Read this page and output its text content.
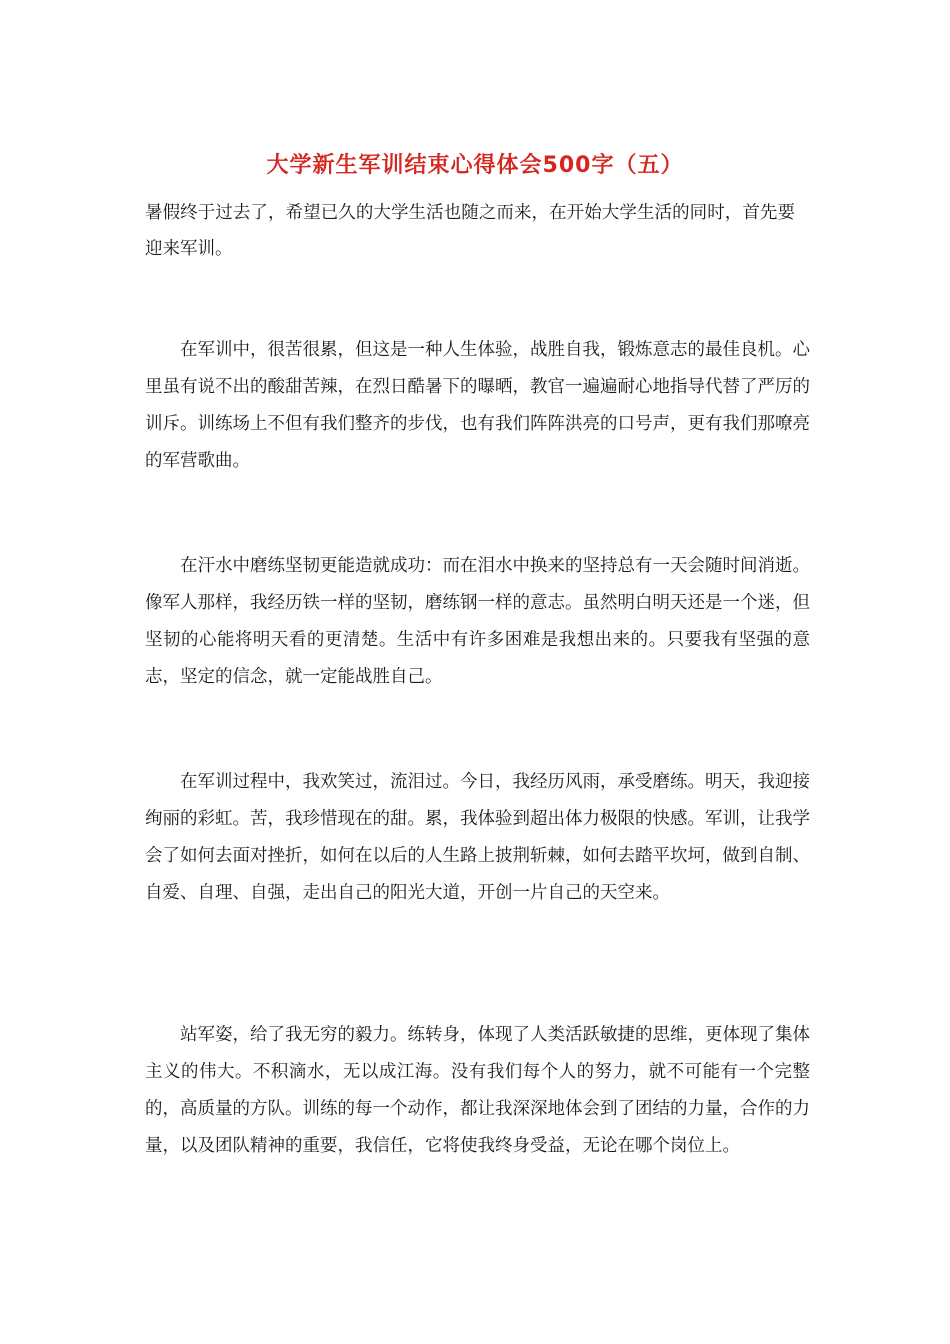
大学新生军训结束心得体会500字（五）

暑假终于过去了，希望已久的大学生活也随之而来，在开始大学生活的同时，首先要迎来军训。

在军训中，很苦很累，但这是一种人生体验，战胜自我，锻炼意志的最佳良机。心里虽有说不出的酸甜苦辣，在烈日酷暑下的曝晒，教官一遍遍耐心地指导代替了严厉的训斥。训练场上不但有我们整齐的步伐，也有我们阵阵洪亮的口号声，更有我们那嘹亮的军营歌曲。

在汗水中磨练坚韧更能造就成功：而在泪水中换来的坚持总有一天会随时间消逝。像军人那样，我经历铁一样的坚韧，磨练钢一样的意志。虽然明白明天还是一个迷，但坚韧的心能将明天看的更清楚。生活中有许多困难是我想出来的。只要我有坚强的意志，坚定的信念，就一定能战胜自己。

在军训过程中，我欢笑过，流泪过。今日，我经历风雨，承受磨练。明天，我迎接绚丽的彩虹。苦，我珍惜现在的甜。累，我体验到超出体力极限的快感。军训，让我学会了如何去面对挫折，如何在以后的人生路上披荆斩棘，如何去踏平坎坷，做到自制、自爱、自理、自强，走出自己的阳光大道，开创一片自己的天空来。

站军姿，给了我无穷的毅力。练转身，体现了人类活跃敏捷的思维，更体现了集体主义的伟大。不积滴水，无以成江海。没有我们每个人的努力，就不可能有一个完整的，高质量的方队。训练的每一个动作，都让我深深地体会到了团结的力量，合作的力量，以及团队精神的重要，我信任，它将使我终身受益，无论在哪个岗位上。
